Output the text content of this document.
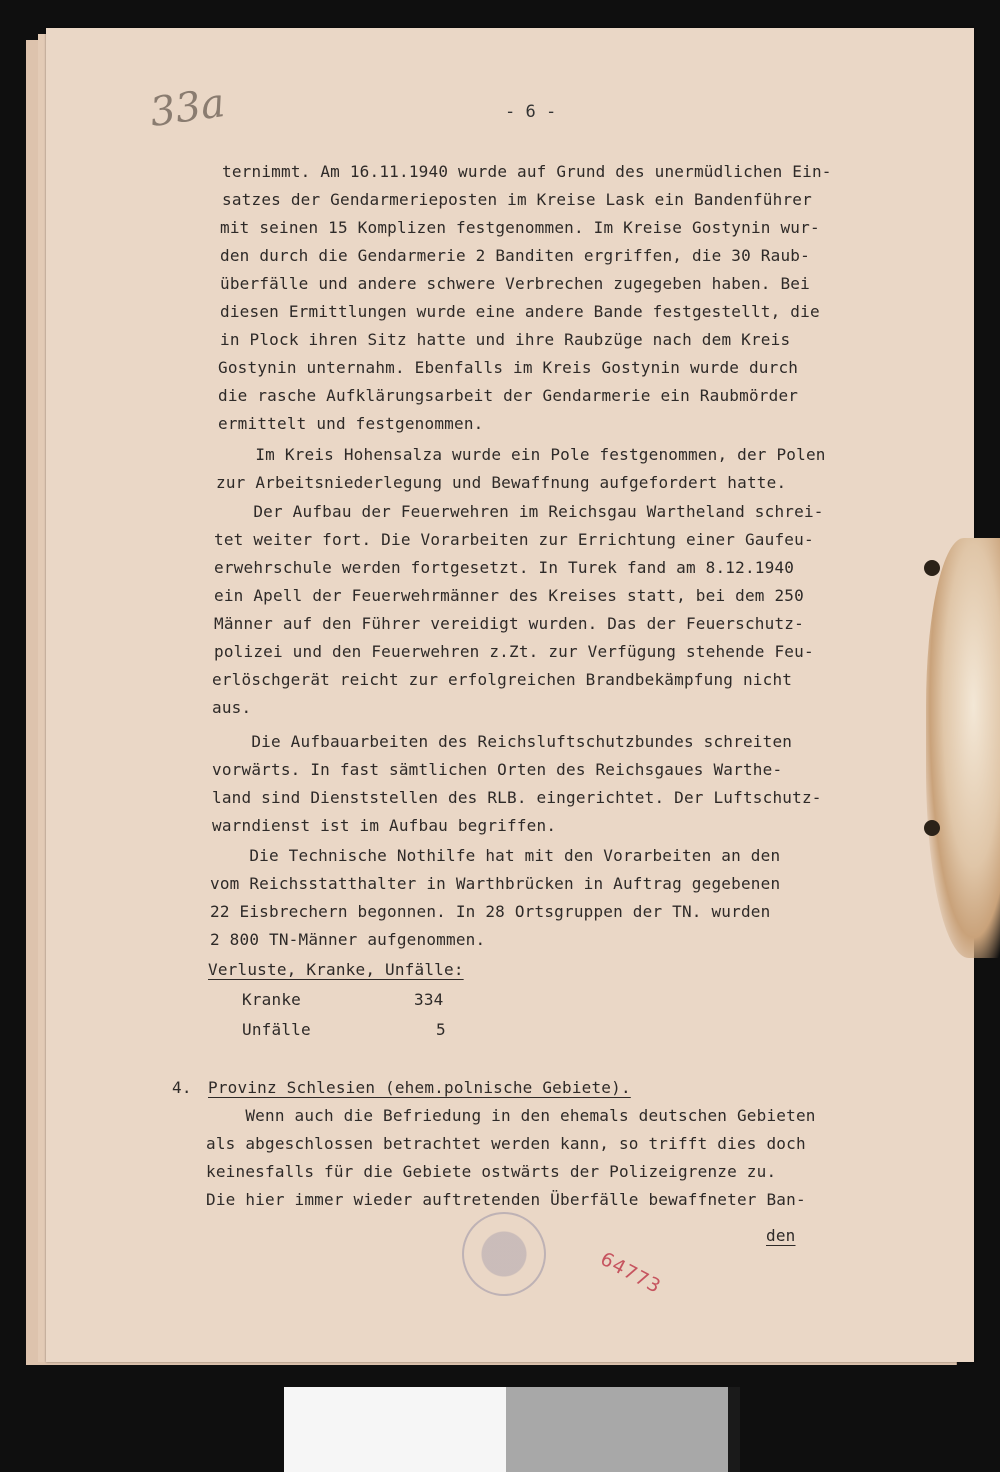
33a	- 6 -
ternimmt. Am 16.11.1940 wurde auf Grund des unermüdlichen Ein-
satzes der Gendarmerieposten im Kreise Lask ein Bandenführer
mit seinen 15 Komplizen festgenommen. Im Kreise Gostynin wur-
den durch die Gendarmerie 2 Banditen ergriffen, die 30 Raub-
überfälle und andere schwere Verbrechen zugegeben haben. Bei
diesen Ermittlungen wurde eine andere Bande festgestellt, die
in Plock ihren Sitz hatte und ihre Raubzüge nach dem Kreis
Gostynin unternahm. Ebenfalls im Kreis Gostynin wurde durch
die rasche Aufklärungsarbeit der Gendarmerie ein Raubmörder
ermittelt und festgenommen.
Im Kreis Hohensalza wurde ein Pole festgenommen, der Polen
zur Arbeitsniederlegung und Bewaffnung aufgefordert hatte.
Der Aufbau der Feuerwehren im Reichsgau Wartheland schrei-
tet weiter fort. Die Vorarbeiten zur Errichtung einer Gaufeu-
erwehrschule werden fortgesetzt. In Turek fand am 8.12.1940
ein Apell der Feuerwehrmänner des Kreises statt, bei dem 250
Männer auf den Führer vereidigt wurden. Das der Feuerschutz-
polizei und den Feuerwehren z.Zt. zur Verfügung stehende Feu-
erlöschgerät reicht zur erfolgreichen Brandbekämpfung nicht
aus.
Die Aufbauarbeiten des Reichsluftschutzbundes schreiten
vorwärts. In fast sämtlichen Orten des Reichsgaues Warthe-
land sind Dienststellen des RLB. eingerichtet. Der Luftschutz-
warndienst ist im Aufbau begriffen.
Die Technische Nothilfe hat mit den Vorarbeiten an den
vom Reichsstatthalter in Warthbrücken in Auftrag gegebenen
22 Eisbrechern begonnen. In 28 Ortsgruppen der TN. wurden
2 800 TN-Männer aufgenommen.
Verluste, Kranke, Unfälle:
Kranke	334
Unfälle	5
4. Provinz Schlesien (ehem.polnische Gebiete).
Wenn auch die Befriedung in den ehemals deutschen Gebieten
als abgeschlossen betrachtet werden kann, so trifft dies doch
keinesfalls für die Gebiete ostwärts der Polizeigrenze zu.
Die hier immer wieder auftretenden Überfälle bewaffneter Ban-
den
64773
